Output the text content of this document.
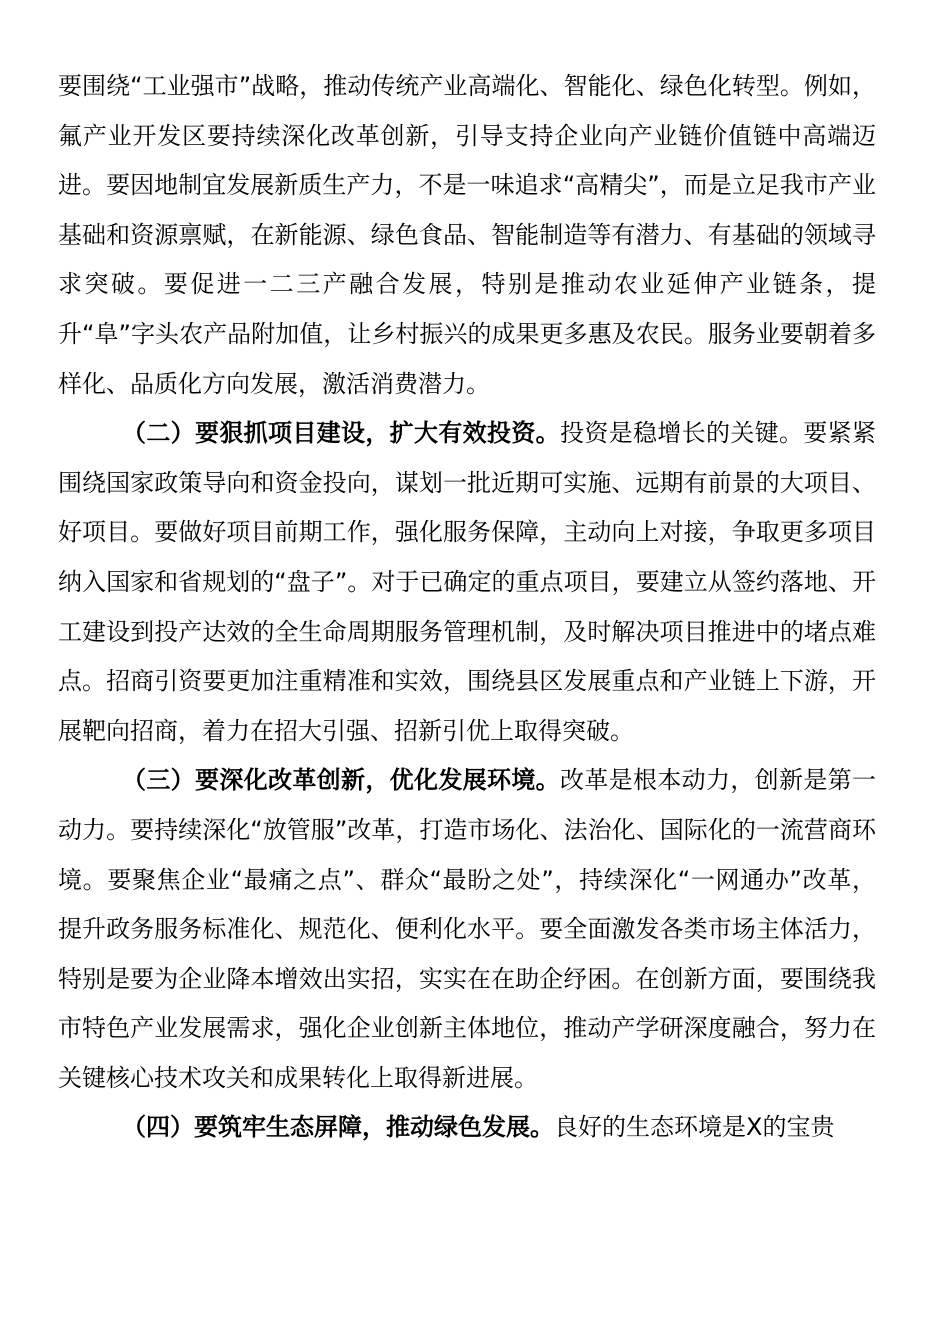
要围绕“工业强市”战略，推动传统产业高端化、智能化、绿色化转型。例如，氟产业开发区要持续深化改革创新，引导支持企业向产业链价值链中高端迈进。要因地制宜发展新质生产力，不是一味追求“高精尖”，而是立足我市产业基础和资源禀赋，在新能源、绿色食品、智能制造等有潜力、有基础的领域寻求突破。要促进一二三产融合发展，特别是推动农业延伸产业链条，提升“阜”字头农产品附加值，让乡村振兴的成果更多惠及农民。服务业要朝着多样化、品质化方向发展，激活消费潜力。

（二）要狠抓项目建设，扩大有效投资。投资是稳增长的关键。要紧紧围绕国家政策导向和资金投向，谋划一批近期可实施、远期有前景的大项目、好项目。要做好项目前期工作，强化服务保障，主动向上对接，争取更多项目纳入国家和省规划的“盘子”。对于已确定的重点项目，要建立从签约落地、开工建设到投产达效的全生命周期服务管理机制，及时解决项目推进中的堵点难点。招商引资要更加注重精准和实效，围绕县区发展重点和产业链上下游，开展靶向招商，着力在招大引强、招新引优上取得突破。

（三）要深化改革创新，优化发展环境。改革是根本动力，创新是第一动力。要持续深化“放管服”改革，打造市场化、法治化、国际化的一流营商环境。要聚焦企业“最痛之点”、群众“最盼之处”，持续深化“一网通办”改革，提升政务服务标准化、规范化、便利化水平。要全面激发各类市场主体活力，特别是要为企业降本增效出实招，实实在在助企纾困。在创新方面，要围绕我市特色产业发展需求，强化企业创新主体地位，推动产学研深度融合，努力在关键核心技术攻关和成果转化上取得新进展。

（四）要筑牢生态屏障，推动绿色发展。良好的生态环境是X的宝贵
